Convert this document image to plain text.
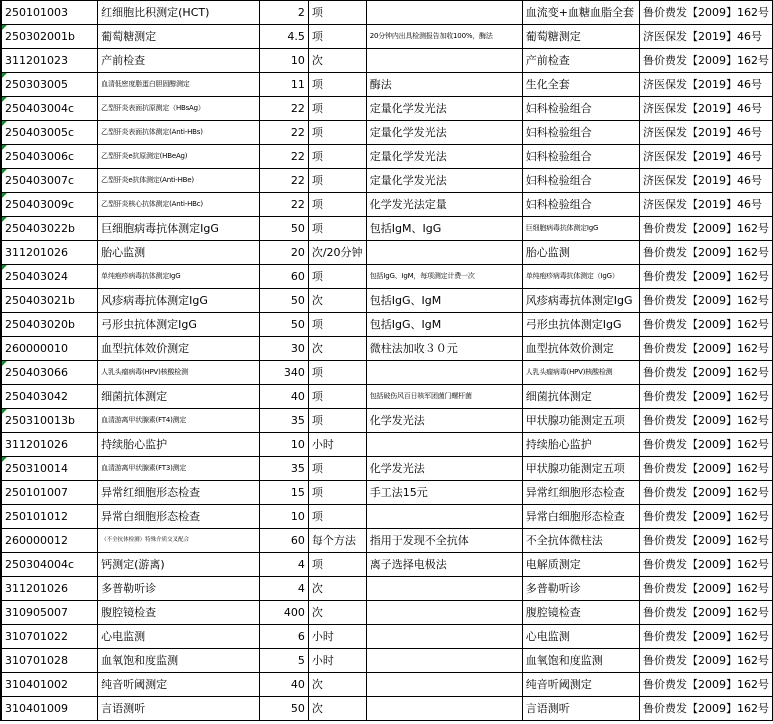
250101003	红细胞比积测定(HCT)	2	项		血流变+血糖血脂全套	鲁价费发【2009】162号

250302001b	葡萄糖测定	4.5	项	20分钟内出具检测报告加收100%，酶法	葡萄糖测定	济医保发【2019】46号
311201023	产前检查	10	次		产前检查	鲁价费发【2009】162号

250303005	血清低密度脂蛋白胆固醇测定	11	项	酶法	生化全套	济医保发【2019】46号

250403004c	乙型肝炎表面抗原测定（HBsAg）	22	项	定量化学发光法	妇科检验组合	济医保发【2019】46号

250403005c	乙型肝炎表面抗体测定(Anti-HBs)	22	项	定量化学发光法	妇科检验组合	济医保发【2019】46号

250403006c	乙型肝炎e抗原测定(HBeAg)	22	项	定量化学发光法	妇科检验组合	济医保发【2019】46号

250403007c	乙型肝炎e抗体测定(Anti-HBe)	22	项	定量化学发光法	妇科检验组合	济医保发【2019】46号

250403009c	乙型肝炎核心抗体测定(Anti-HBc)	22	项	化学发光法定量	妇科检验组合	济医保发【2019】46号

250403022b	巨细胞病毒抗体测定IgG	50	项	包括IgM、IgG	巨细胞病毒抗体测定IgG	鲁价费发【2009】162号
311201026	胎心监测	20	次/20分钟		胎心监测	鲁价费发【2009】162号

250403024	单纯疱疹病毒抗体测定IgG	60	项	包括IgG、IgM，每项测定计费一次	单纯疱疹病毒抗体测定（IgG）	鲁价费发【2009】162号
250403021b	风疹病毒抗体测定IgG	50	次	包括IgG、IgM	风疹病毒抗体测定IgG	鲁价费发【2009】162号
250403020b	弓形虫抗体测定IgG	50	项	包括IgG、IgM	弓形虫抗体测定IgG	鲁价费发【2009】162号
260000010	血型抗体效价测定	30	次	微柱法加收３０元	血型抗体效价测定	鲁价费发【2009】162号

250403066	人乳头瘤病毒(HPV)核酸检测	340	项		人乳头瘤病毒(HPV)核酸检测	鲁价费发【2009】162号
250403042	细菌抗体测定	40	项	包括破伤风百日咳军团菌门螺杆菌	细菌抗体测定	鲁价费发【2009】162号

250310013b	血清游离甲状腺素(FT4)测定	35	项	化学发光法	甲状腺功能测定五项	鲁价费发【2009】162号
311201026	持续胎心监护	10	小时		持续胎心监护	鲁价费发【2009】162号

250310014	血清游离甲状腺素(FT3)测定	35	项	化学发光法	甲状腺功能测定五项	鲁价费发【2009】162号
250101007	异常红细胞形态检查	15	项	手工法15元	异常红细胞形态检查	鲁价费发【2009】162号
250101012	异常白细胞形态检查	10	项		异常白细胞形态检查	鲁价费发【2009】162号
260000012	（不全抗体检测）特殊介质交叉配合	60	每个方法	指用于发现不全抗体	不全抗体微柱法	鲁价费发【2009】162号
250304004c	钙测定(游离)	4	项	离子选择电极法	电解质测定	鲁价费发【2009】162号
311201026	多普勒听诊	4	次		多普勒听诊	鲁价费发【2009】162号
310905007	腹腔镜检查	400	次		腹腔镜检查	鲁价费发【2009】162号
310701022	心电监测	6	小时		心电监测	鲁价费发【2009】162号
310701028	血氧饱和度监测	5	小时		血氧饱和度监测	鲁价费发【2009】162号
310401002	纯音听阈测定	40	次		纯音听阈测定	鲁价费发【2009】162号
310401009	言语测听	50	次		言语测听	鲁价费发【2009】162号
